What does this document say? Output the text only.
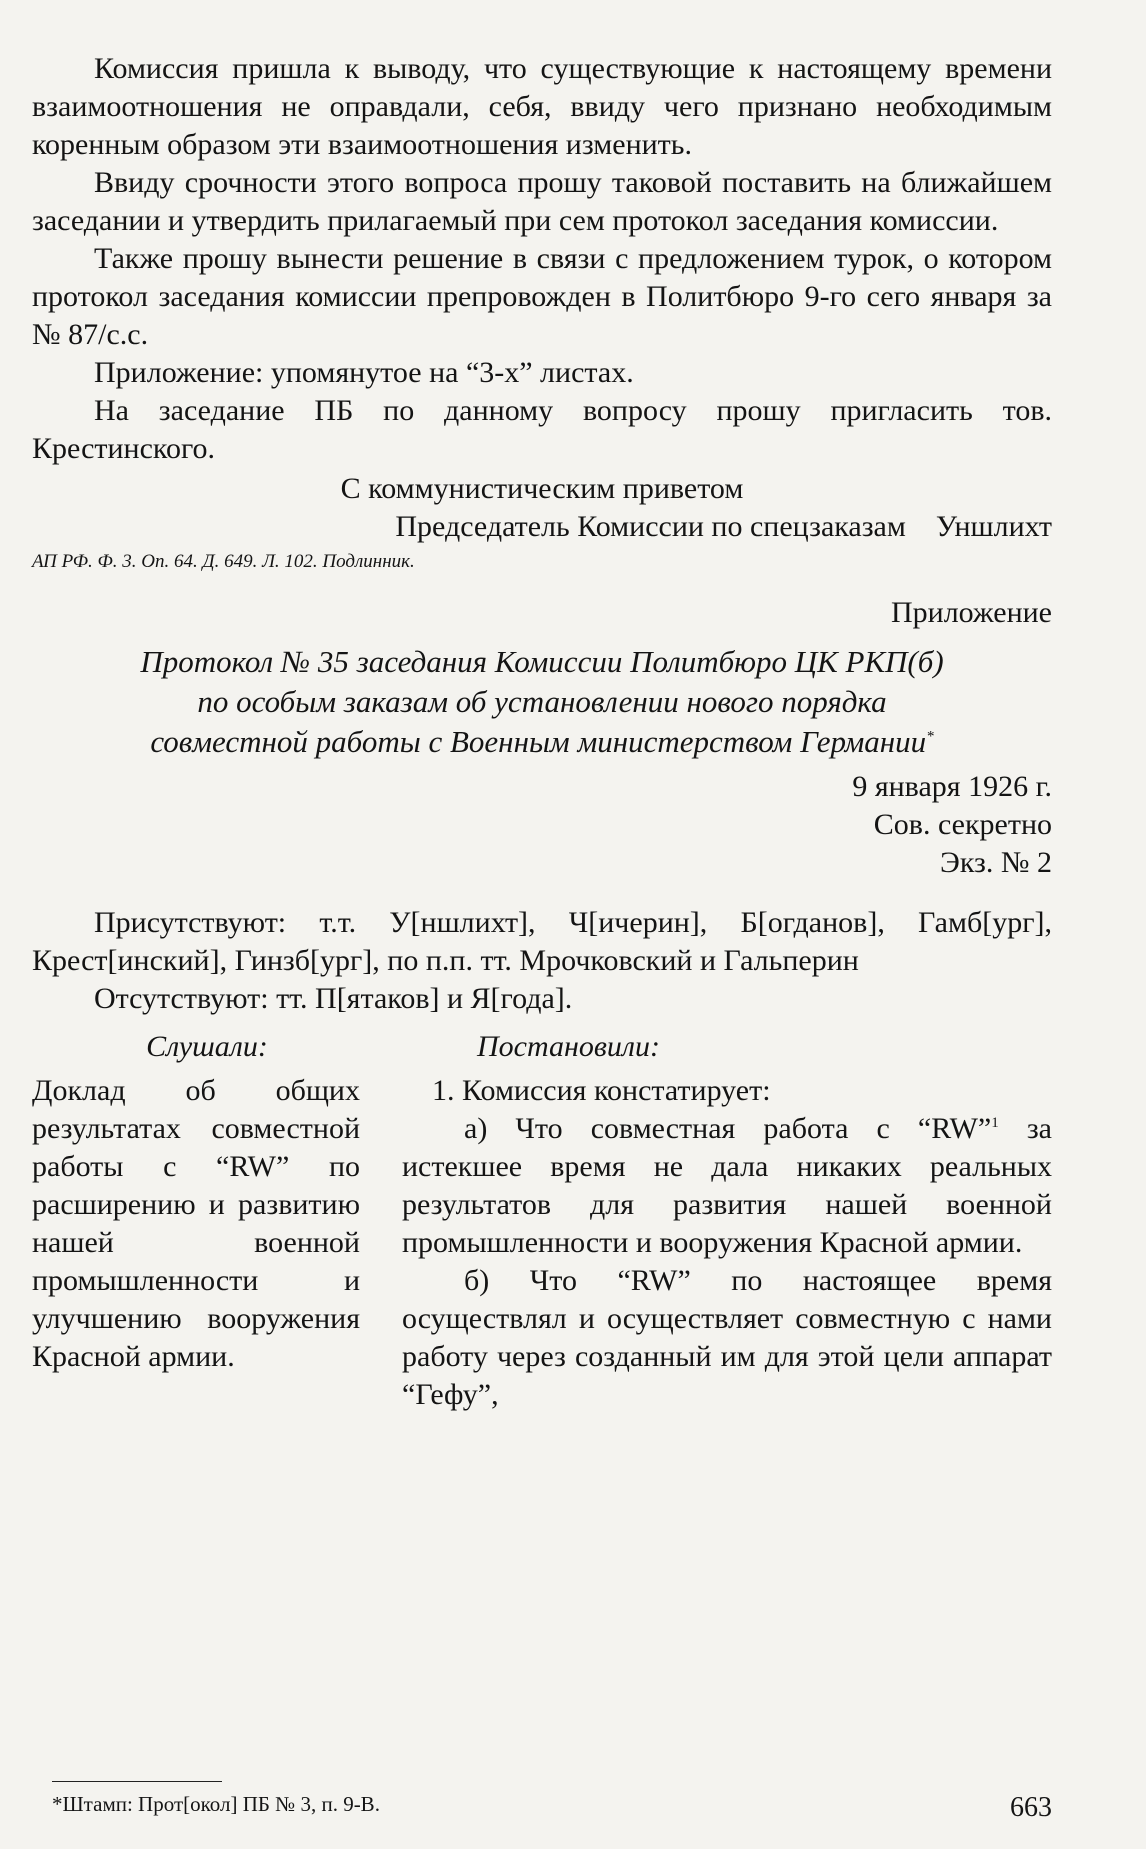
Комиссия пришла к выводу, что существующие к настоящему времени взаимоотношения не оправдали, себя, ввиду чего признано необходимым коренным образом эти взаимоотношения изменить.

Ввиду срочности этого вопроса прошу таковой поставить на ближайшем заседании и утвердить прилагаемый при сем протокол заседания комиссии.

Также прошу вынести решение в связи с предложением турок, о котором протокол заседания комиссии препровожден в Политбюро 9-го сего января за № 87/с.с.

Приложение: упомянутое на “3-х” листах.

На заседание ПБ по данному вопросу прошу пригласить тов. Крестинского.

С коммунистическим приветом

Председатель Комиссии по спецзаказам Уншлихт

АП РФ. Ф. 3. Оп. 64. Д. 649. Л. 102. Подлинник.

Приложение

Протокол № 35 заседания Комиссии Политбюро ЦК РКП(б)

по особым заказам об установлении нового порядка

совместной работы с Военным министерством Германии*

9 января 1926 г.

Сов. секретно

Экз. № 2

Присутствуют: т.т. У[ншлихт], Ч[ичерин], Б[огданов], Гамб[ург], Крест[инский], Гинзб[ург], по п.п. тт. Мрочковский и Гальперин

Отсутствуют: тт. П[ятаков] и Я[года].

Слушали:	Постановили:
Доклад об общих результатах совместной работы с “RW” по расширению и развитию нашей военной промышленности и улучшению вооружения Красной армии.

1. Комиссия констатирует:

а) Что совместная работа с “RW”$^1$ за истекшее время не дала никаких реальных результатов для развития нашей военной промышленности и вооружения Красной армии.

б) Что “RW” по настоящее время осуществлял и осуществляет совместную с нами работу через созданный им для этой цели аппарат “Гефу”,

*Штамп: Прот[окол] ПБ № 3, п. 9-В.	663
